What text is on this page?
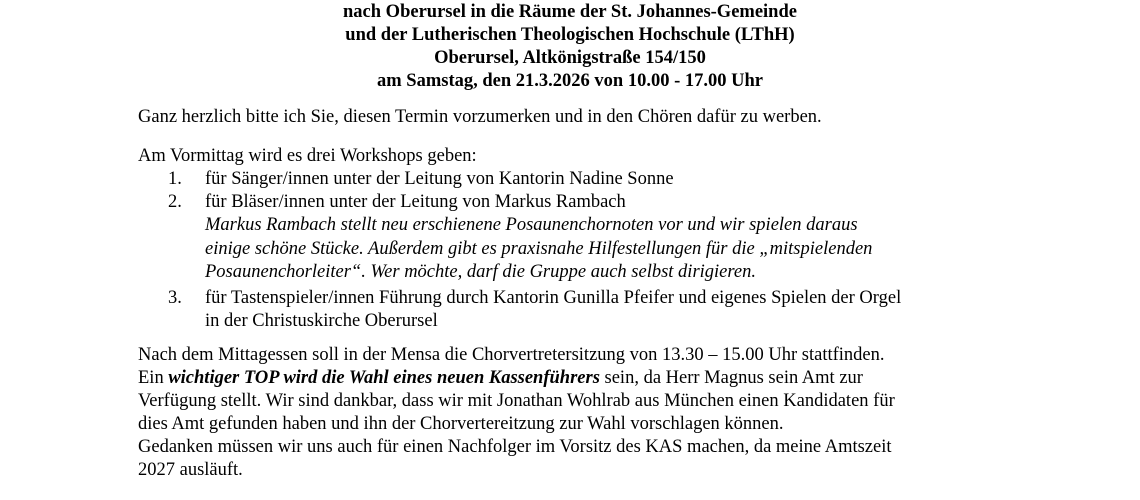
nach Oberursel in die Räume der St. Johannes-Gemeinde
und der Lutherischen Theologischen Hochschule (LThH)
Oberursel, Altkönigstraße 154/150
am Samstag, den 21.3.2026 von 10.00 - 17.00 Uhr
Ganz herzlich bitte ich Sie, diesen Termin vorzumerken und in den Chören dafür zu werben.
Am Vormittag wird es drei Workshops geben:
1. für Sänger/innen unter der Leitung von Kantorin Nadine Sonne
2. für Bläser/innen unter der Leitung von Markus Rambach
Markus Rambach stellt neu erschienene Posaunenchornoten vor und wir spielen daraus
einige schöne Stücke. Außerdem gibt es praxisnahe Hilfestellungen für die „mitspielenden
Posaunenchorleiter“. Wer möchte, darf die Gruppe auch selbst dirigieren.
3. für Tastenspieler/innen Führung durch Kantorin Gunilla Pfeifer und eigenes Spielen der Orgel
in der Christuskirche Oberursel
Nach dem Mittagessen soll in der Mensa die Chorvertretersitzung von 13.30 – 15.00 Uhr stattfinden.
Ein wichtiger TOP wird die Wahl eines neuen Kassenführers sein, da Herr Magnus sein Amt zur
Verfügung stellt. Wir sind dankbar, dass wir mit Jonathan Wohlrab aus München einen Kandidaten für
dies Amt gefunden haben und ihn der Chorvertereitzung zur Wahl vorschlagen können.
Gedanken müssen wir uns auch für einen Nachfolger im Vorsitz des KAS machen, da meine Amtszeit
2027 ausläuft.
